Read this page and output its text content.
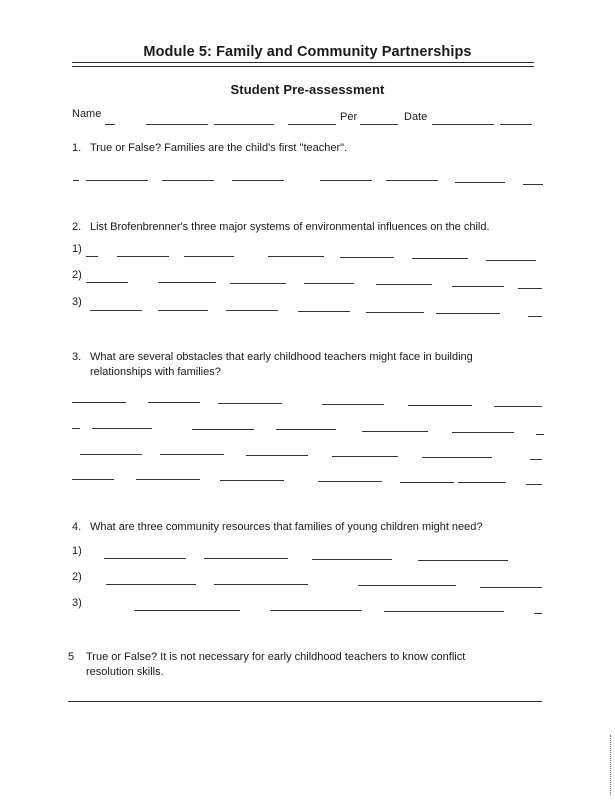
Module 5: Family and Community Partnerships
Student Pre-assessment
Name	Per	Date
1. True or False? Families are the child's first "teacher".
2. List Brofenbrenner's three major systems of environmental influences on the child.
1)
2)
3)
3. What are several obstacles that early childhood teachers might face in building
relationships with families?
4. What are three community resources that families of young children might need?
1)
2)
3)
5 True or False? It is not necessary for early childhood teachers to know conflict
resolution skills.
